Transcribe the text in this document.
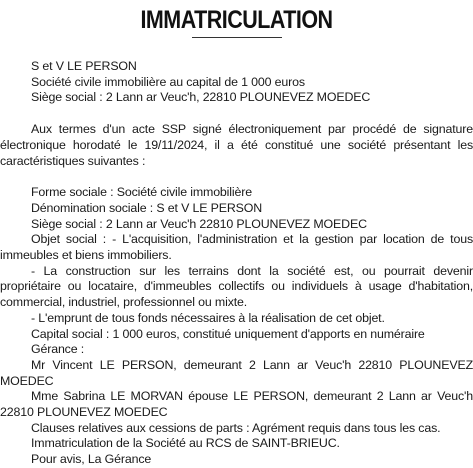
IMMATRICULATION
S et V LE PERSON
Société civile immobilière au capital de 1 000 euros
Siège social : 2 Lann ar Veuc'h, 22810 PLOUNEVEZ MOEDEC
Aux termes d'un acte SSP signé électroniquement par procédé de signature électronique horodaté le 19/11/2024, il a été constitué une société présentant les caractéristiques suivantes :
Forme sociale : Société civile immobilière
Dénomination sociale : S et V LE PERSON
Siège social : 2 Lann ar Veuc'h 22810 PLOUNEVEZ MOEDEC
Objet social : - L'acquisition, l'administration et la gestion par location de tous immeubles et biens immobiliers.
- La construction sur les terrains dont la société est, ou pourrait devenir propriétaire ou locataire, d'immeubles collectifs ou individuels à usage d'habitation, commercial, industriel, professionnel ou mixte.
- L'emprunt de tous fonds nécessaires à la réalisation de cet objet.
Capital social : 1 000 euros, constitué uniquement d'apports en numéraire
Gérance :
Mr Vincent LE PERSON, demeurant 2 Lann ar Veuc'h 22810 PLOUNEVEZ MOEDEC
Mme Sabrina LE MORVAN épouse LE PERSON, demeurant 2 Lann ar Veuc'h 22810 PLOUNEVEZ MOEDEC
Clauses relatives aux cessions de parts : Agrément requis dans tous les cas.
Immatriculation de la Société au RCS de SAINT-BRIEUC.
Pour avis, La Gérance
